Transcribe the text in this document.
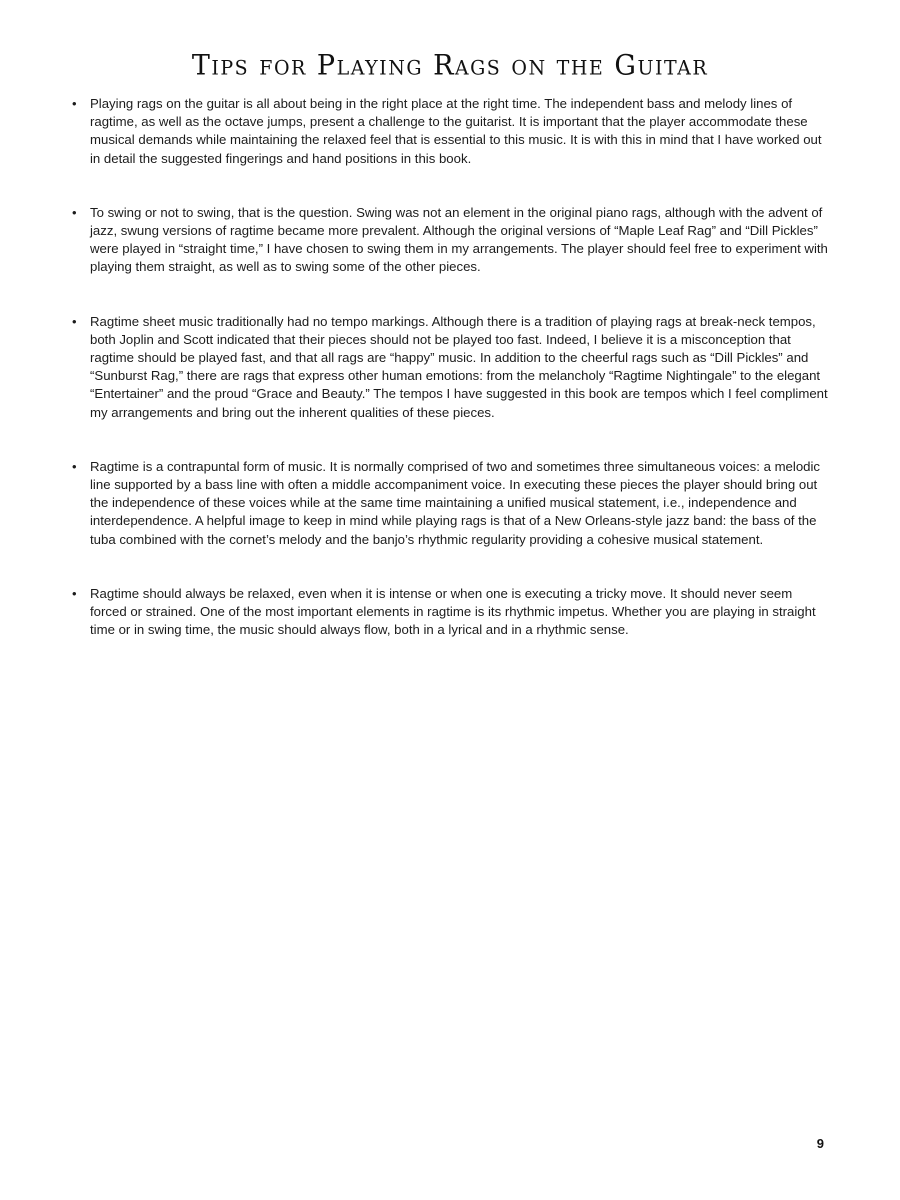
Tips for Playing Rags on the Guitar
• Playing rags on the guitar is all about being in the right place at the right time. The independent bass and melody lines of ragtime, as well as the octave jumps, present a challenge to the guitarist. It is important that the player accommodate these musical demands while maintaining the relaxed feel that is essential to this music. It is with this in mind that I have worked out in detail the suggested fingerings and hand positions in this book.
• To swing or not to swing, that is the question. Swing was not an element in the original piano rags, although with the advent of jazz, swung versions of ragtime became more prevalent. Although the original versions of “Maple Leaf Rag” and “Dill Pickles” were played in “straight time,” I have chosen to swing them in my arrangements. The player should feel free to experiment with playing them straight, as well as to swing some of the other pieces.
• Ragtime sheet music traditionally had no tempo markings. Although there is a tradition of playing rags at break-neck tempos, both Joplin and Scott indicated that their pieces should not be played too fast. Indeed, I believe it is a misconception that ragtime should be played fast, and that all rags are “happy” music. In addition to the cheerful rags such as “Dill Pickles” and “Sunburst Rag,” there are rags that express other human emotions: from the melancholy “Ragtime Nightingale” to the elegant “Entertainer” and the proud “Grace and Beauty.” The tempos I have suggested in this book are tempos which I feel compliment my arrangements and bring out the inherent qualities of these pieces.
• Ragtime is a contrapuntal form of music. It is normally comprised of two and sometimes three simultaneous voices: a melodic line supported by a bass line with often a middle accompaniment voice. In executing these pieces the player should bring out the independence of these voices while at the same time maintaining a unified musical statement, i.e., independence and interdependence. A helpful image to keep in mind while playing rags is that of a New Orleans-style jazz band: the bass of the tuba combined with the cornet’s melody and the banjo’s rhythmic regularity providing a cohesive musical statement.
• Ragtime should always be relaxed, even when it is intense or when one is executing a tricky move. It should never seem forced or strained. One of the most important elements in ragtime is its rhythmic impetus. Whether you are playing in straight time or in swing time, the music should always flow, both in a lyrical and in a rhythmic sense.
9
